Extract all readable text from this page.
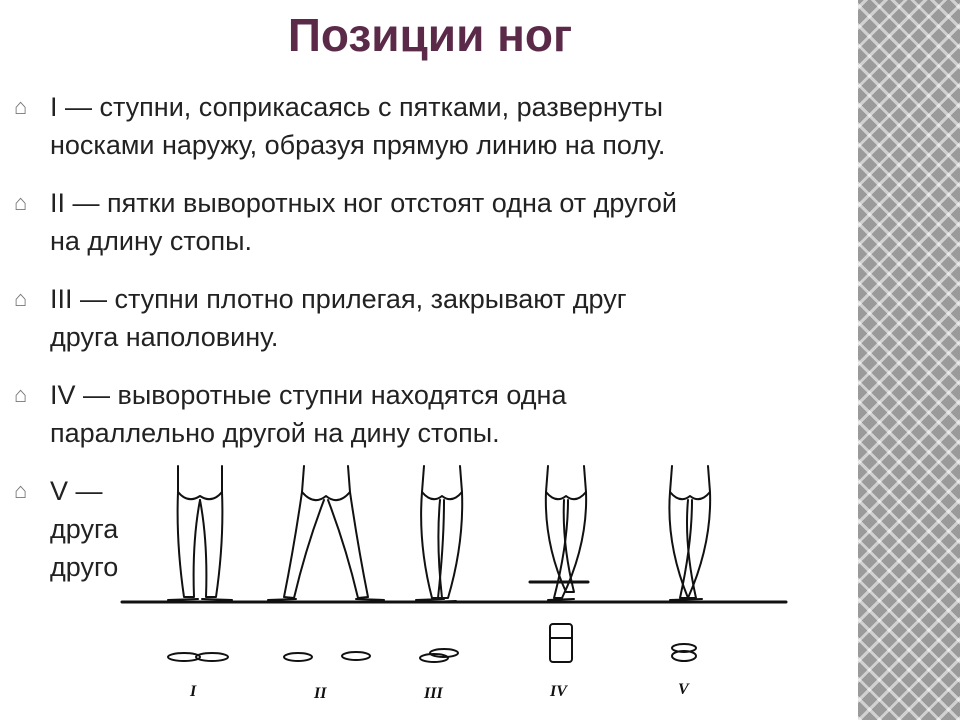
Позиции ног
⌂ I — ступни, соприкасаясь с пятками, развернуты
носками наружу, образуя прямую линию на полу.
⌂ II — пятки выворотных ног отстоят одна от другой
на длину стопы.
⌂ III — ступни плотно прилегая, закрывают друг
друга наполовину.
⌂ IV — выворотные ступни находятся одна
параллельно другой на дину стопы.
⌂ V —
друга
друго
I	II	III	IV	V
